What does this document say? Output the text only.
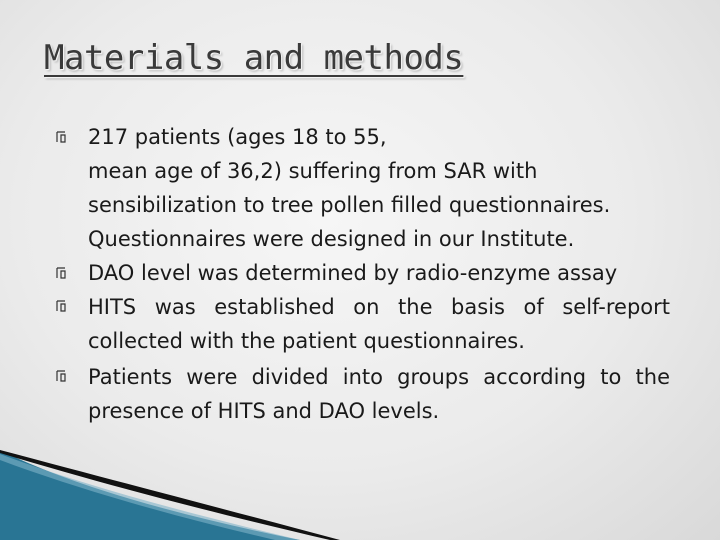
Materials and methods
217 patients (ages 18 to 55,
mean age of 36,2) suffering from SAR with
sensibilization to tree pollen filled questionnaires.
Questionnaires were designed in our Institute.
DAO level was determined by radio-enzyme assay
HITS was established on the basis of self-report
collected with the patient questionnaires.
Patients were divided into groups according to the
presence of HITS and DAO levels.
